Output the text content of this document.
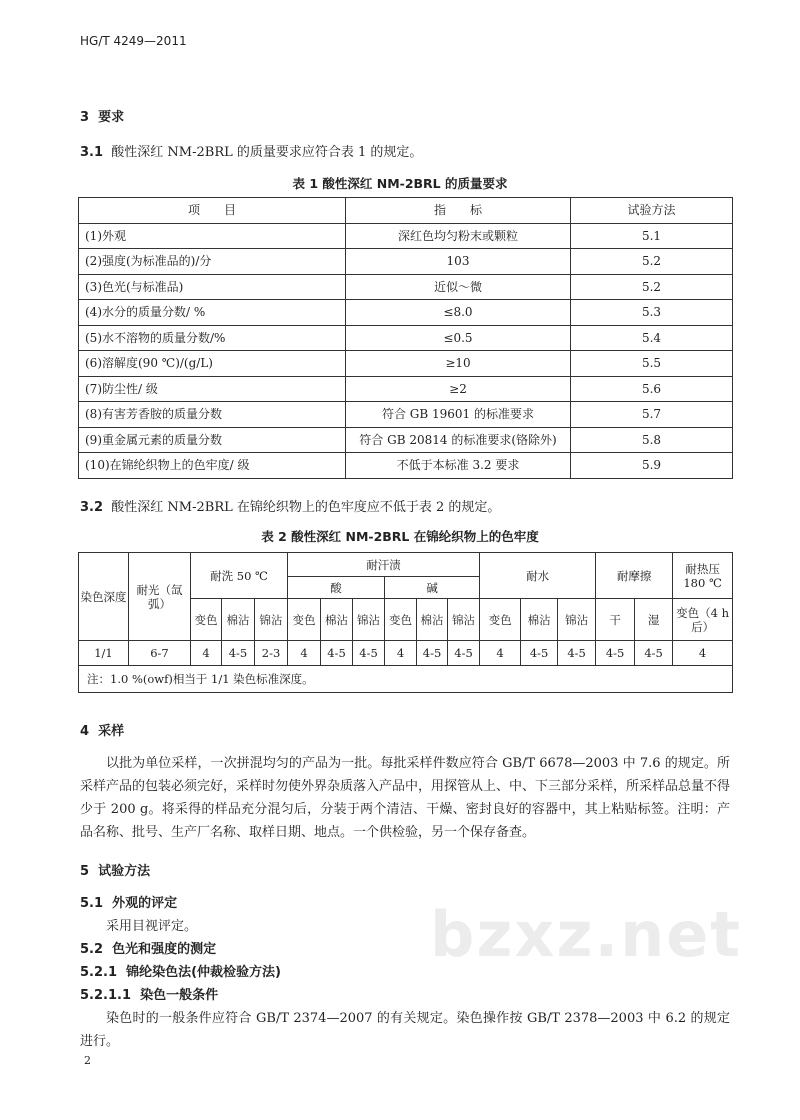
HG/T 4249—2011
3 要求
3.1 酸性深红 NM-2BRL 的质量要求应符合表 1 的规定。
表 1 酸性深红 NM-2BRL 的质量要求
项　　目	指　　标	试验方法
(1)外观	深红色均匀粉末或颗粒	5.1
(2)强度(为标准品的)/分	103	5.2
(3)色光(与标准品)	近似～微	5.2
(4)水分的质量分数/ %	≤8.0	5.3
(5)水不溶物的质量分数/%	≤0.5	5.4
(6)溶解度(90 ℃)/(g/L)	≥10	5.5
(7)防尘性/ 级	≥2	5.6
(8)有害芳香胺的质量分数	符合 GB 19601 的标准要求	5.7
(9)重金属元素的质量分数	符合 GB 20814 的标准要求(铬除外)	5.8
(10)在锦纶织物上的色牢度/ 级	不低于本标准 3.2 要求	5.9
3.2 酸性深红 NM-2BRL 在锦纶织物上的色牢度应不低于表 2 的规定。
表 2 酸性深红 NM-2BRL 在锦纶织物上的色牢度
染色深度	耐光（氙弧）	耐洗 50 ℃			耐汗渍						耐水			耐摩擦		耐热压 180 ℃
					酸			碱								
		变色	棉沾	锦沾	变色	棉沾	锦沾	变色	棉沾	锦沾	变色	棉沾	锦沾	干	湿	变色（4 h 后）
1/1	6-7	4	4-5	2-3	4	4-5	4-5	4	4-5	4-5	4	4-5	4-5	4-5	4-5	4
注：1.0 %(owf)相当于 1/1 染色标准深度。																
4 采样
以批为单位采样，一次拼混均匀的产品为一批。每批采样件数应符合 GB/T 6678—2003 中 7.6 的规定。所采样产品的包装必须完好，采样时勿使外界杂质落入产品中，用探管从上、中、下三部分采样，所采样品总量不得少于 200 g。将采得的样品充分混匀后，分装于两个清洁、干燥、密封良好的容器中，其上粘贴标签。注明：产品名称、批号、生产厂名称、取样日期、地点。一个供检验，另一个保存备查。
5 试验方法
5.1 外观的评定
采用目视评定。
5.2 色光和强度的测定
5.2.1 锦纶染色法(仲裁检验方法)
5.2.1.1 染色一般条件
染色时的一般条件应符合 GB/T 2374—2007 的有关规定。染色操作按 GB/T 2378—2003 中 6.2 的规定进行。
2
bzxz.net
